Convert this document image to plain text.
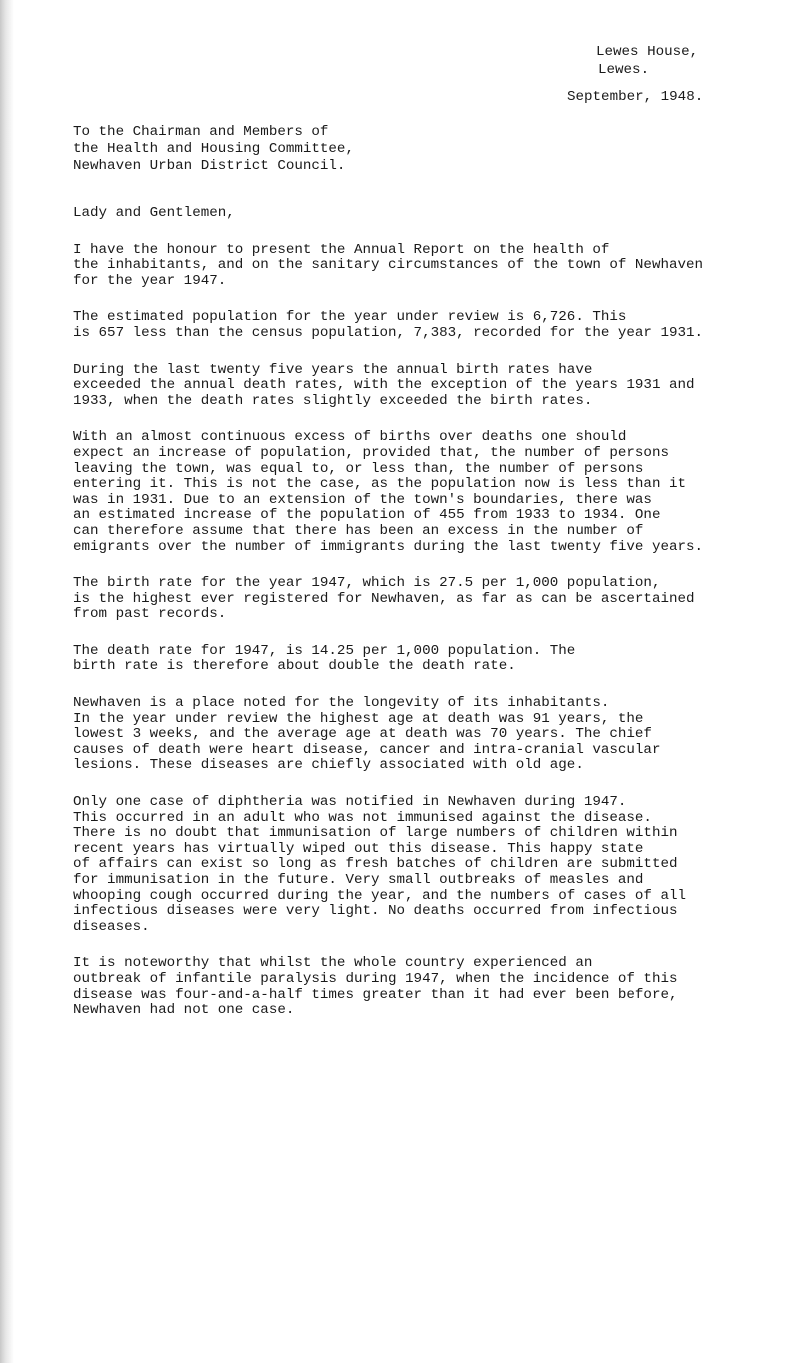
Lewes House,
Lewes.
September, 1948.
To the Chairman and Members of
the Health and Housing Committee,
Newhaven Urban District Council.
Lady and Gentlemen,

I have the honour to present the Annual Report on the health of
the inhabitants, and on the sanitary circumstances of the town of Newhaven
for the year 1947.

The estimated population for the year under review is 6,726. This
is 657 less than the census population, 7,383, recorded for the year 1931.

During the last twenty five years the annual birth rates have
exceeded the annual death rates, with the exception of the years 1931 and
1933, when the death rates slightly exceeded the birth rates.

With an almost continuous excess of births over deaths one should
expect an increase of population, provided that, the number of persons
leaving the town, was equal to, or less than, the number of persons
entering it. This is not the case, as the population now is less than it
was in 1931. Due to an extension of the town's boundaries, there was
an estimated increase of the population of 455 from 1933 to 1934. One
can therefore assume that there has been an excess in the number of
emigrants over the number of immigrants during the last twenty five years.

The birth rate for the year 1947, which is 27.5 per 1,000 population,
is the highest ever registered for Newhaven, as far as can be ascertained
from past records.

The death rate for 1947, is 14.25 per 1,000 population. The
birth rate is therefore about double the death rate.

Newhaven is a place noted for the longevity of its inhabitants.
In the year under review the highest age at death was 91 years, the
lowest 3 weeks, and the average age at death was 70 years. The chief
causes of death were heart disease, cancer and intra-cranial vascular
lesions. These diseases are chiefly associated with old age.

Only one case of diphtheria was notified in Newhaven during 1947.
This occurred in an adult who was not immunised against the disease.
There is no doubt that immunisation of large numbers of children within
recent years has virtually wiped out this disease. This happy state
of affairs can exist so long as fresh batches of children are submitted
for immunisation in the future. Very small outbreaks of measles and
whooping cough occurred during the year, and the numbers of cases of all
infectious diseases were very light. No deaths occurred from infectious
diseases.

It is noteworthy that whilst the whole country experienced an
outbreak of infantile paralysis during 1947, when the incidence of this
disease was four-and-a-half times greater than it had ever been before,
Newhaven had not one case.
